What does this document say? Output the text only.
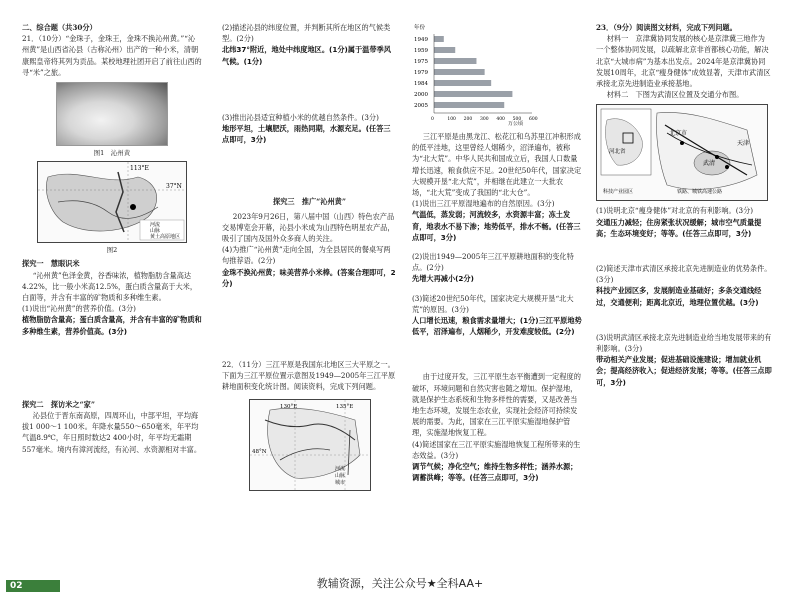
二、综合题（共30分）
21．（10分）“金珠子，金珠王，金珠不换沁州黄。”“沁州黄”是山西省沁县（古称沁州）出产的一种小米，清朝康熙皇帝将其列为贡品。某校地理社团开启了前往山西的寻“米”之旅。
图1　沁州黄
113°E
37°N
河流
山脉
黄土高原地区
图2
探究一　慧眼识米
“沁州黄”色泽金黄，谷香味浓，植物脂肪含量高达4.22%，比一般小米高12.5%，蛋白质含量高于大米，白面等，并含有丰富的矿物质和多种维生素。
(1)说出“沁州黄”的营养价值。(3分)
植物脂肪含量高；蛋白质含量高，并含有丰富的矿物质和多种维生素，营养价值高。(3分)
探究二　探访米之“家”
沁县位于晋东南高原，四周环山，中部平坦，平均海拔1 000～1 100米。年降水量550～650毫米，年平均气温8.9℃，年日照时数达2 400小时，年平均无霜期557毫米。境内有漳河流经，有沁河、水资源相对丰富。
(2)描述沁县的纬度位置，并判断其所在地区的气候类型。(2分)
北纬37°附近，地处中纬度地区。(1分)属于温带季风气候。(1分)
(3)推出沁县适宜种植小米的优越自然条件。(3分)
地形平坦，土壤肥沃，雨热同期，水源充足。(任答三点即可，3分)
探究三　推广“沁州黄”
2023年9月26日，第八届中国（山西）特色农产品交易博览会开幕，沁县小米成为山西特色明星农产品，吸引了国内及国外众多商人的关注。
(4)为推广“沁州黄”走向全国，为全县居民的餐桌写两句推荐语。(2分)
金珠不换沁州黄；味美营养小米棒。(答案合理即可，2分)
22．（11分）三江平原是我国东北地区三大平原之一。下面为三江平原位置示意图及1949—2005年三江平原耕地面积变化统计图。阅读资料，完成下列问题。
130°E	135°E
48°N
河流
山脉
城市
年份
万公顷
1949
1959
1975
1979
1984
2000
2005
0	100 200 300 400 500 600
三江平原是由黑龙江、松花江和乌苏里江冲积形成的低平洼地，这里曾经人烟稀少，沼泽遍布，被称为“北大荒”。中华人民共和国成立后，我国人口数量增长迅速，粮食供应不足。20世纪50年代，国家决定大规模开垦“北大荒”，并相继在此建立一大批农场，“北大荒”变成了我国的“北大仓”。
(1)说出三江平原湿地遍布的自然原因。(3分)
气温低，蒸发弱；河流较多，水资源丰富；冻土发育，地表水不易下渗；地势低平，排水不畅。(任答三点即可，3分)
(2)说出1949—2005年三江平原耕地面积的变化特点。(2分)
先增大再减小(2分)
(3)简述20世纪50年代，国家决定大规模开垦“北大荒”的原因。(3分)
人口增长迅速，粮食需求量增大；(1分)三江平原地势低平，沼泽遍布，人烟稀少，开发难度较低。(2分)
由于过度开发，三江平原生态平衡遭到一定程度的破坏，环境问题和自然灾害也随之增加。保护湿地，就是保护生态系统和生物多样性的需要，又是改善当地生态环境，发展生态农业，实现社会经济可持续发展的需要。为此，国家在三江平原实施湿地保护管理，实施湿地恢复工程。
(4)简述国家在三江平原实施湿地恢复工程所带来的生态效益。(3分)
调节气候；净化空气；维持生物多样性；涵养水源；调蓄洪峰；等等。(任答三点即可，3分)
23．（9分）阅读图文材料，完成下列问题。
材料一　京津冀协同发展的核心是京津冀三地作为一个整体协同发展，以疏解北京非首都核心功能，解决北京“大城市病”为基本出发点。2024年是京津冀协同发展10周年，北京“瘦身健体”成效显著，天津市武清区承接北京先进制造业承接基地。
材料二　下图为武清区位置及交通分布图。
河北省
北京市
天津
武清
科技产业园区	铁路、城铁高速公路
(1)说明北京“瘦身健体”对北京的有利影响。(3分)
交通压力减轻；住房紧张状况缓解；城市空气质量提高；生态环境变好；等等。(任答三点即可，3分)
(2)简述天津市武清区承接北京先进制造业的优势条件。(3分)
科技产业园区多，发展制造业基础好；多条交通线经过，交通便利；距离北京近，地理位置优越。(3分)
(3)说明武清区承接北京先进制造业给当地发展带来的有利影响。(3分)
带动相关产业发展；促进基础设施建设；增加就业机会；提高经济收入；促进经济发展；等等。(任答三点即可，3分)
02	教辅资源，关注公众号★全科AA+
